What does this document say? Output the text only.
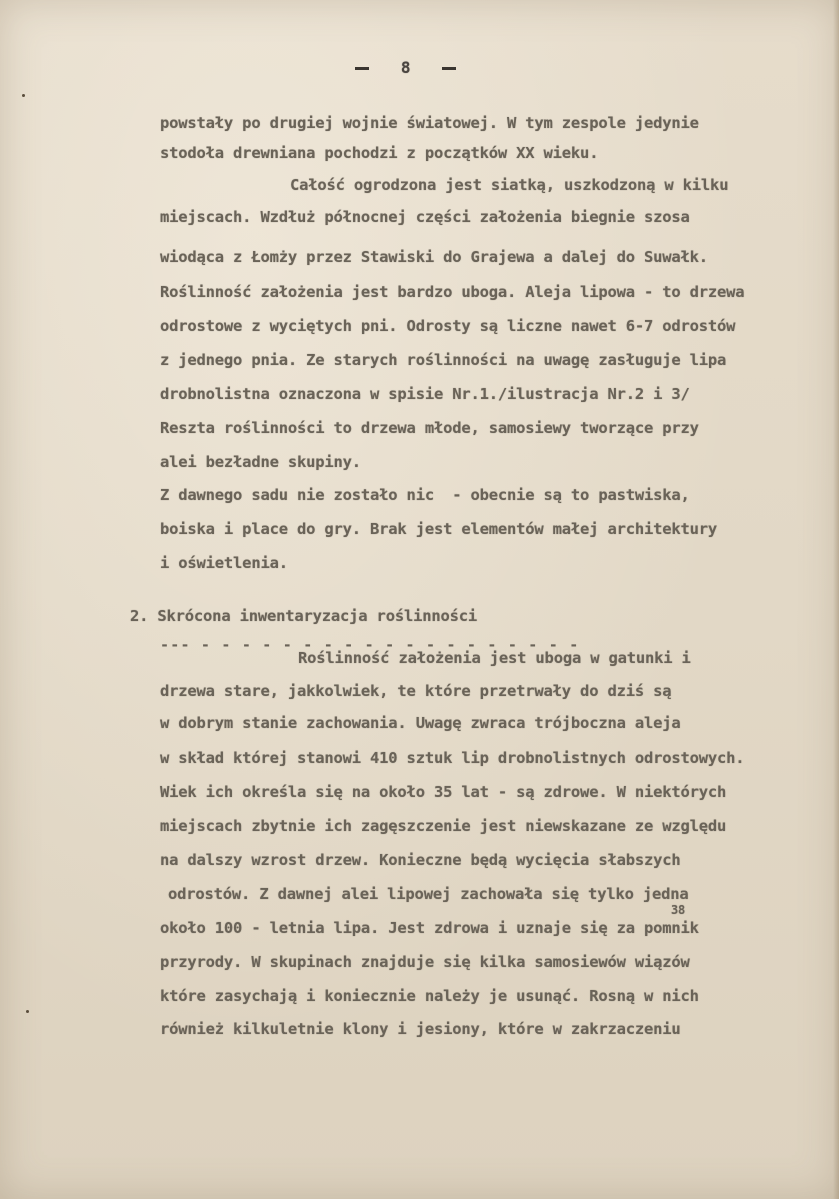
8
powstały po drugiej wojnie światowej. W tym zespole jedynie
stodoła drewniana pochodzi z początków XX wieku.
Całość ogrodzona jest siatką, uszkodzoną w kilku
miejscach. Wzdłuż północnej części założenia biegnie szosa
wiodąca z Łomży przez Stawiski do Grajewa a dalej do Suwałk.
Roślinność założenia jest bardzo uboga. Aleja lipowa - to drzewa
odrostowe z wyciętych pni. Odrosty są liczne nawet 6-7 odrostów
z jednego pnia. Ze starych roślinności na uwagę zasługuje lipa
drobnolistna oznaczona w spisie Nr.1./ilustracja Nr.2 i 3/
Reszta roślinności to drzewa młode, samosiewy tworzące przy
alei bezładne skupiny.
Z dawnego sadu nie zostało nic  - obecnie są to pastwiska,
boiska i place do gry. Brak jest elementów małej architektury
i oświetlenia.
2. Skrócona inwentaryzacja roślinności
--- - - - - - - - - - - - - - - - - - - -
Roślinność założenia jest uboga w gatunki i
drzewa stare, jakkolwiek, te które przetrwały do dziś są
w dobrym stanie zachowania. Uwagę zwraca trójboczna aleja
w skład której stanowi 410 sztuk lip drobnolistnych odrostowych.
Wiek ich określa się na około 35 lat - są zdrowe. W niektórych
miejscach zbytnie ich zagęszczenie jest niewskazane ze względu
na dalszy wzrost drzew. Konieczne będą wycięcia słabszych
odrostów. Z dawnej alei lipowej zachowała się tylko jedna
38
około 100 - letnia lipa. Jest zdrowa i uznaje się za pomnik
przyrody. W skupinach znajduje się kilka samosiewów wiązów
które zasychają i koniecznie należy je usunąć. Rosną w nich
również kilkuletnie klony i jesiony, które w zakrzaczeniu
